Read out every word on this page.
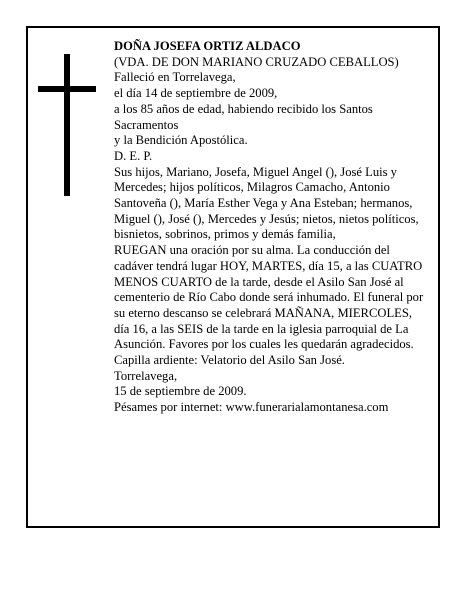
DOÑA JOSEFA ORTIZ ALDACO
(VDA. DE DON MARIANO CRUZADO CEBALLOS)
Falleció en Torrelavega,
el día 14 de septiembre de 2009,
a los 85 años de edad, habiendo recibido los Santos Sacramentos
y la Bendición Apostólica.
D. E. P.
Sus hijos, Mariano, Josefa, Miguel Angel (), José Luis y Mercedes; hijos políticos, Milagros Camacho, Antonio Santoveña (), María Esther Vega y Ana Esteban; hermanos, Miguel (), José (), Mercedes y Jesús; nietos, nietos políticos, bisnietos, sobrinos, primos y demás familia,
RUEGAN una oración por su alma. La conducción del cadáver tendrá lugar HOY, MARTES, día 15, a las CUATRO MENOS CUARTO de la tarde, desde el Asilo San José al cementerio de Río Cabo donde será inhumado. El funeral por su eterno descanso se celebrará MAÑANA, MIERCOLES, día 16, a las SEIS de la tarde en la iglesia parroquial de La Asunción. Favores por los cuales les quedarán agradecidos.
Capilla ardiente: Velatorio del Asilo San José.
Torrelavega,
15 de septiembre de 2009.
Pésames por internet: www.funerarialamontanesa.com
